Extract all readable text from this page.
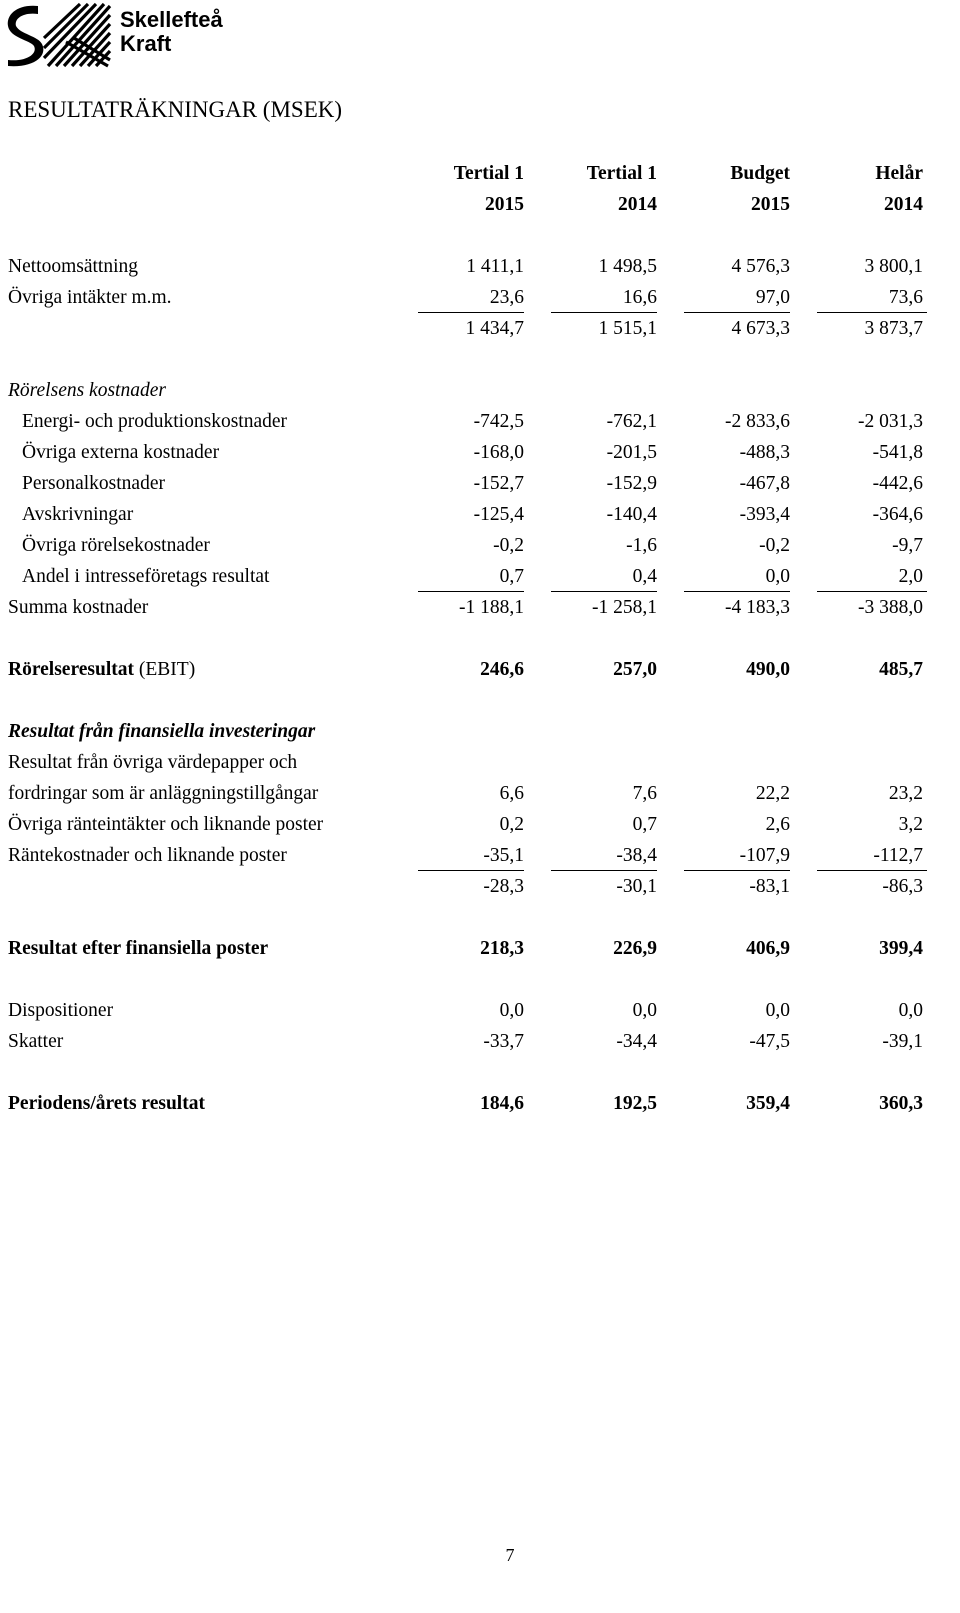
Skellefteå
Kraft
RESULTATRÄKNINGAR (MSEK)
Tertial 1	Tertial 1	Budget	Helår
2015	2014	2015	2014
Nettoomsättning	1 411,1	1 498,5	4 576,3	3 800,1
Övriga intäkter m.m.	23,6	16,6	97,0	73,6
1 434,7	1 515,1	4 673,3	3 873,7
Rörelsens kostnader
Energi- och produktionskostnader	-742,5	-762,1	-2 833,6	-2 031,3
Övriga externa kostnader	-168,0	-201,5	-488,3	-541,8
Personalkostnader	-152,7	-152,9	-467,8	-442,6
Avskrivningar	-125,4	-140,4	-393,4	-364,6
Övriga rörelsekostnader	-0,2	-1,6	-0,2	-9,7
Andel i intresseföretags resultat	0,7	0,4	0,0	2,0
Summa kostnader	-1 188,1	-1 258,1	-4 183,3	-3 388,0
Rörelseresultat (EBIT)	246,6	257,0	490,0	485,7
Resultat från finansiella investeringar
Resultat från övriga värdepapper och
fordringar som är anläggningstillgångar	6,6	7,6	22,2	23,2
Övriga ränteintäkter och liknande poster	0,2	0,7	2,6	3,2
Räntekostnader och liknande poster	-35,1	-38,4	-107,9	-112,7
-28,3	-30,1	-83,1	-86,3
Resultat efter finansiella poster	218,3	226,9	406,9	399,4
Dispositioner	0,0	0,0	0,0	0,0
Skatter	-33,7	-34,4	-47,5	-39,1
Periodens/årets resultat	184,6	192,5	359,4	360,3
7
